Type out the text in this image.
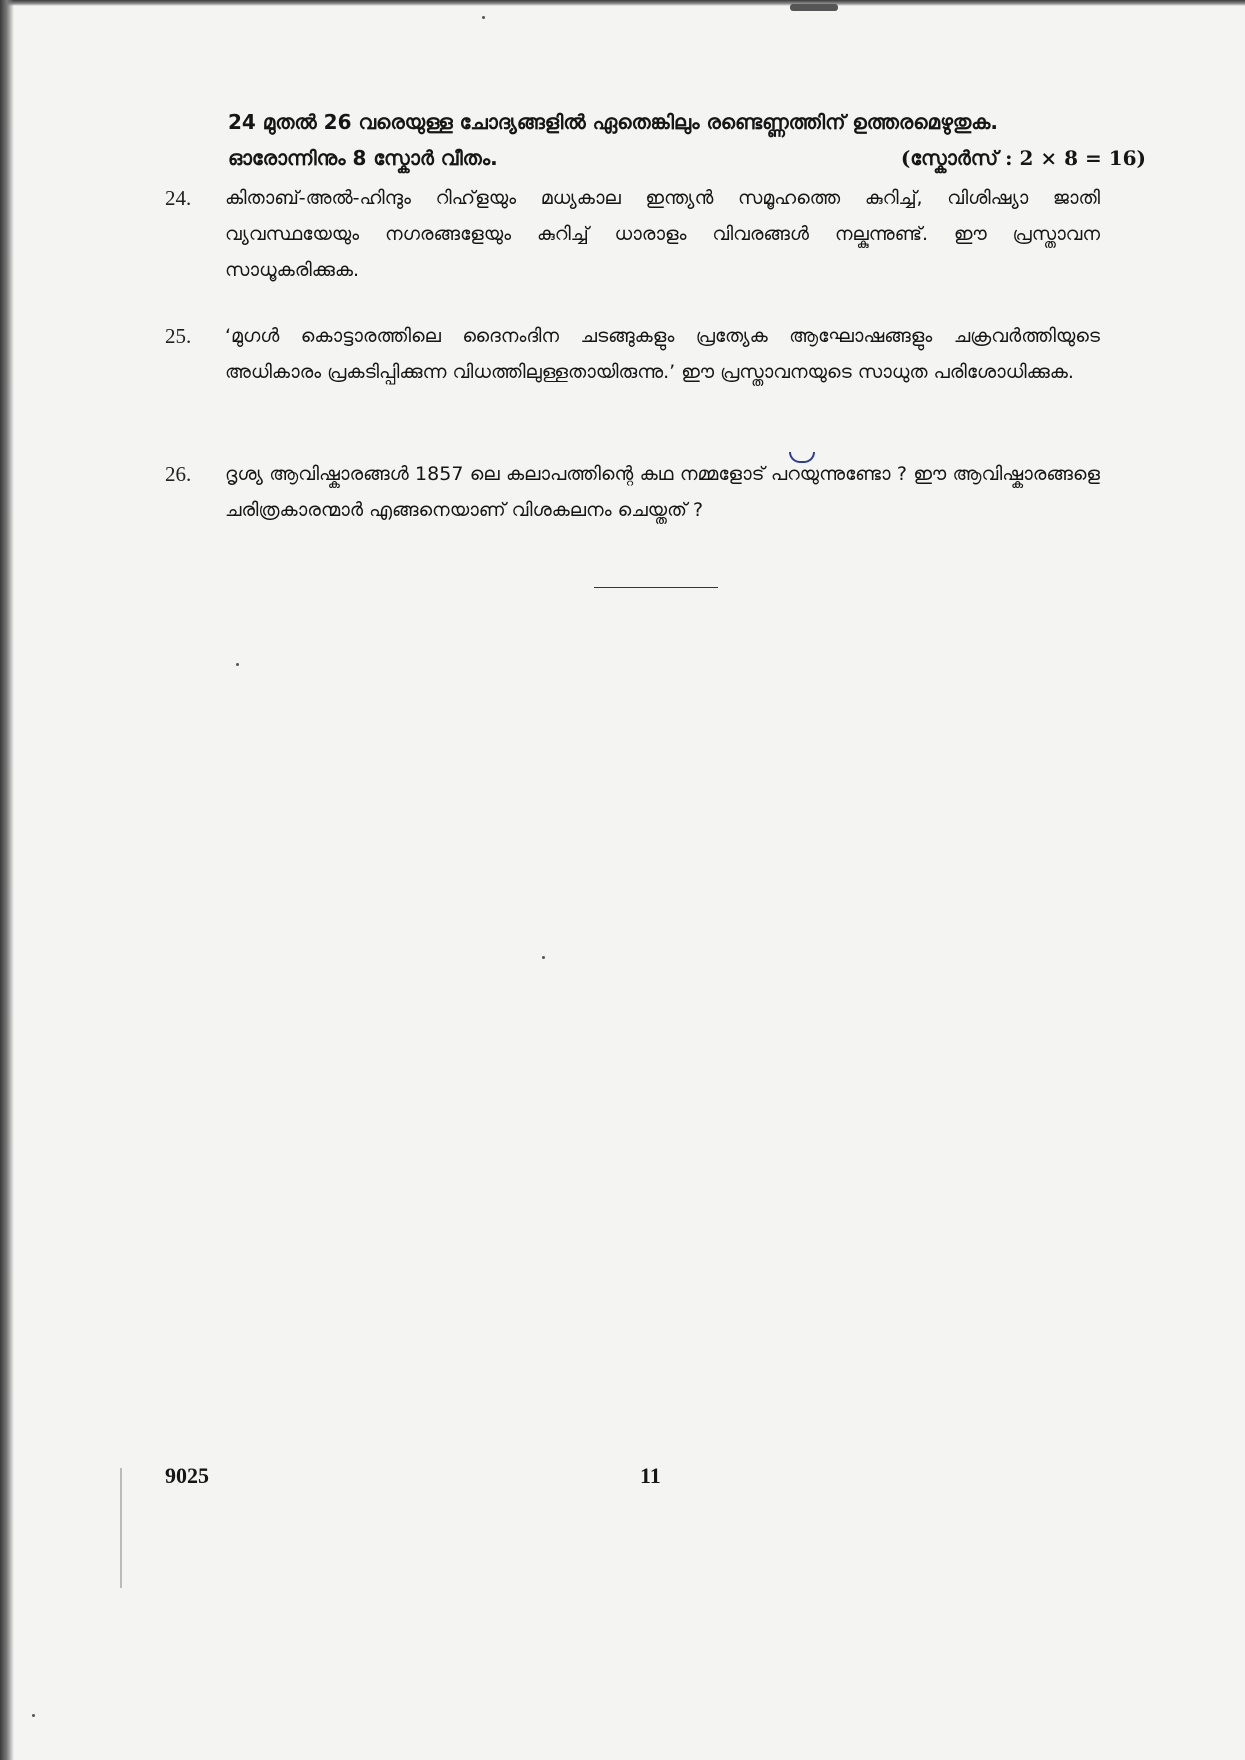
24 മുതൽ 26 വരെയുള്ള ചോദ്യങ്ങളിൽ ഏതെങ്കിലും രണ്ടെണ്ണത്തിന് ഉത്തരമെഴുതുക.
ഓരോന്നിനും 8 സ്കോർ വീതം.	(സ്കോർസ് : 2 × 8 = 16)
24.	കിതാബ്-അൽ-ഹിന്ദും റിഹ്‌ളയും മധ്യകാല ഇന്ത്യൻ സമൂഹത്തെ കുറിച്ച്, വിശിഷ്യാ ജാതി വ്യവസ്ഥയേയും നഗരങ്ങളേയും കുറിച്ച് ധാരാളം വിവരങ്ങൾ നല്കുന്നുണ്ട്. ഈ പ്രസ്താവന സാധൂകരിക്കുക.
25.	‘മുഗൾ കൊട്ടാരത്തിലെ ദൈനംദിന ചടങ്ങുകളും പ്രത്യേക ആഘോഷങ്ങളും ചക്രവർത്തിയുടെ അധികാരം പ്രകടിപ്പിക്കുന്ന വിധത്തിലുള്ളതായിരുന്നു.’ ഈ പ്രസ്താവനയുടെ സാധുത പരിശോധിക്കുക.
26.	ദൃശ്യ ആവിഷ്കാരങ്ങൾ 1857 ലെ കലാപത്തിന്റെ കഥ നമ്മളോട് പറയുന്നുണ്ടോ ? ഈ ആവിഷ്കാരങ്ങളെ ചരിത്രകാരന്മാർ എങ്ങനെയാണ് വിശകലനം ചെയ്തത് ?
9025	11
